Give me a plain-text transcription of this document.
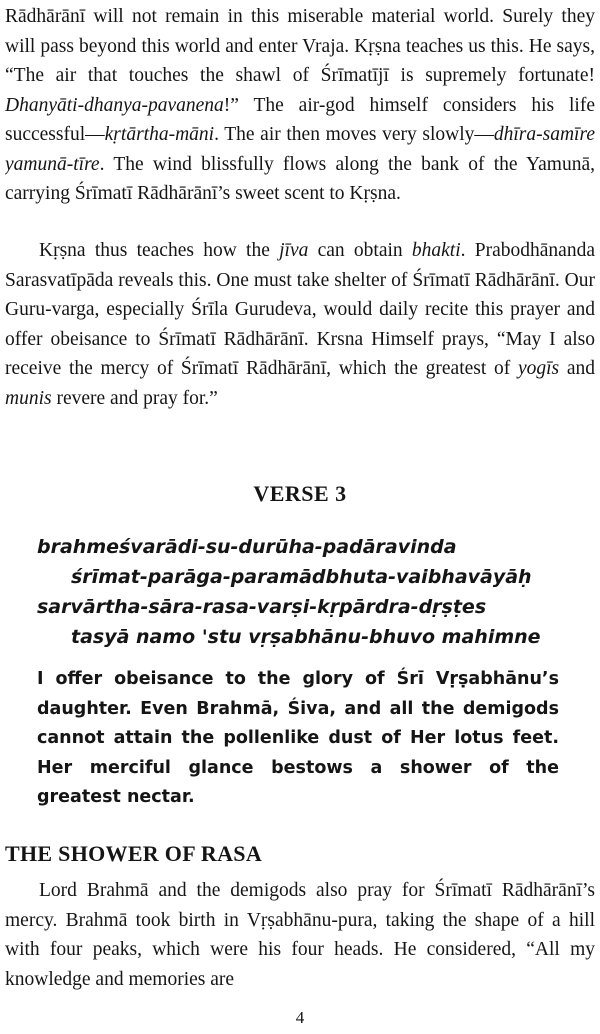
Rādhārānī will not remain in this miserable material world. Surely they will pass beyond this world and enter Vraja. Kṛṣna teaches us this. He says, “The air that touches the shawl of Śrīmatījī is supremely fortunate! Dhanyāti-dhanya-pavanena!” The air-god himself considers his life successful—kṛtārtha-māni. The air then moves very slowly—dhīra-samīre yamunā-tīre. The wind blissfully flows along the bank of the Yamunā, carrying Śrīmatī Rādhārānī’s sweet scent to Kṛṣna.

Kṛṣna thus teaches how the jīva can obtain bhakti. Prabodhānanda Sarasvatīpāda reveals this. One must take shelter of Śrīmatī Rādhārānī. Our Guru-varga, especially Śrīla Gurudeva, would daily recite this prayer and offer obeisance to Śrīmatī Rādhārānī. Krsna Himself prays, “May I also receive the mercy of Śrīmatī Rādhārānī, which the greatest of yogīs and munis revere and pray for.”

VERSE 3
brahmeśvarādi-su-durūha-padāravinda
śrīmat-parāga-paramādbhuta-vaibhavāyāḥ
sarvārtha-sāra-rasa-varṣi-kṛpārdra-dṛṣṭes
tasyā namo 'stu vṛṣabhānu-bhuvo mahimne

I offer obeisance to the glory of Śrī Vṛṣabhānu’s daughter. Even Brahmā, Śiva, and all the demigods cannot attain the pollenlike dust of Her lotus feet. Her merciful glance bestows a shower of the greatest nectar.

THE SHOWER OF RASA

Lord Brahmā and the demigods also pray for Śrīmatī Rādhārānī’s mercy. Brahmā took birth in Vṛṣabhānu-pura, taking the shape of a hill with four peaks, which were his four heads. He considered, “All my knowledge and memories are

4
